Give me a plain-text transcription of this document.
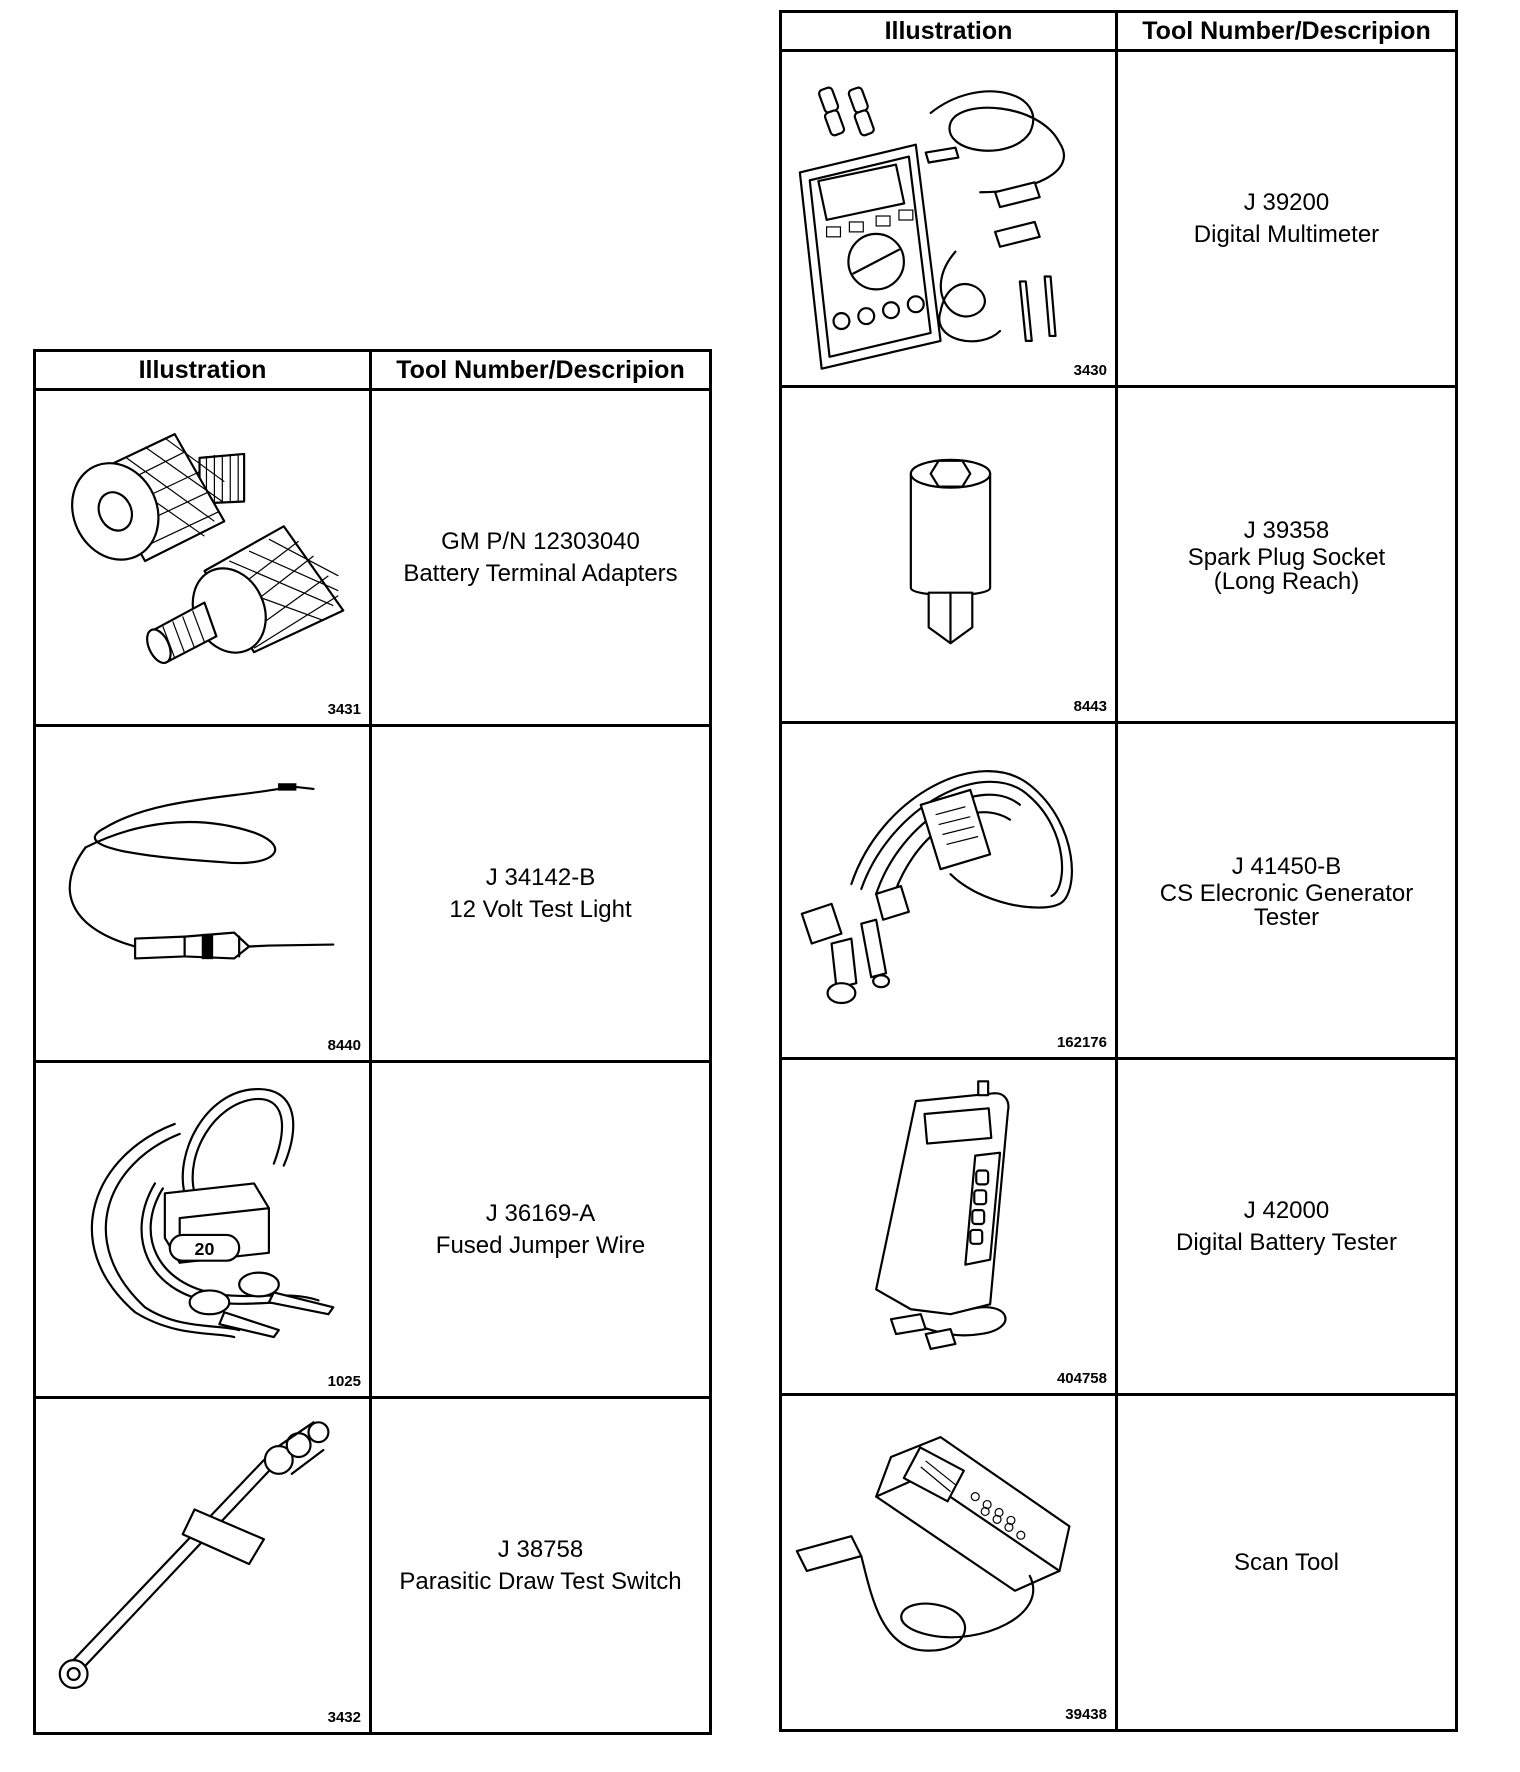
Illustration	Tool Number/Descripion

3431	GM P/N 12303040
Battery Terminal Adapters

8440	J 34142-B
12 Volt Test Light

20
1025	J 36169-A
Fused Jumper Wire

3432	J 38758
Parasitic Draw Test Switch
Illustration	Tool Number/Descripion

3430	J 39200
Digital Multimeter

8443	J 39358
Spark Plug Socket
(Long Reach)

162176	J 41450-B
CS Elecronic Generator
Tester

404758	J 42000
Digital Battery Tester

39438	Scan Tool
